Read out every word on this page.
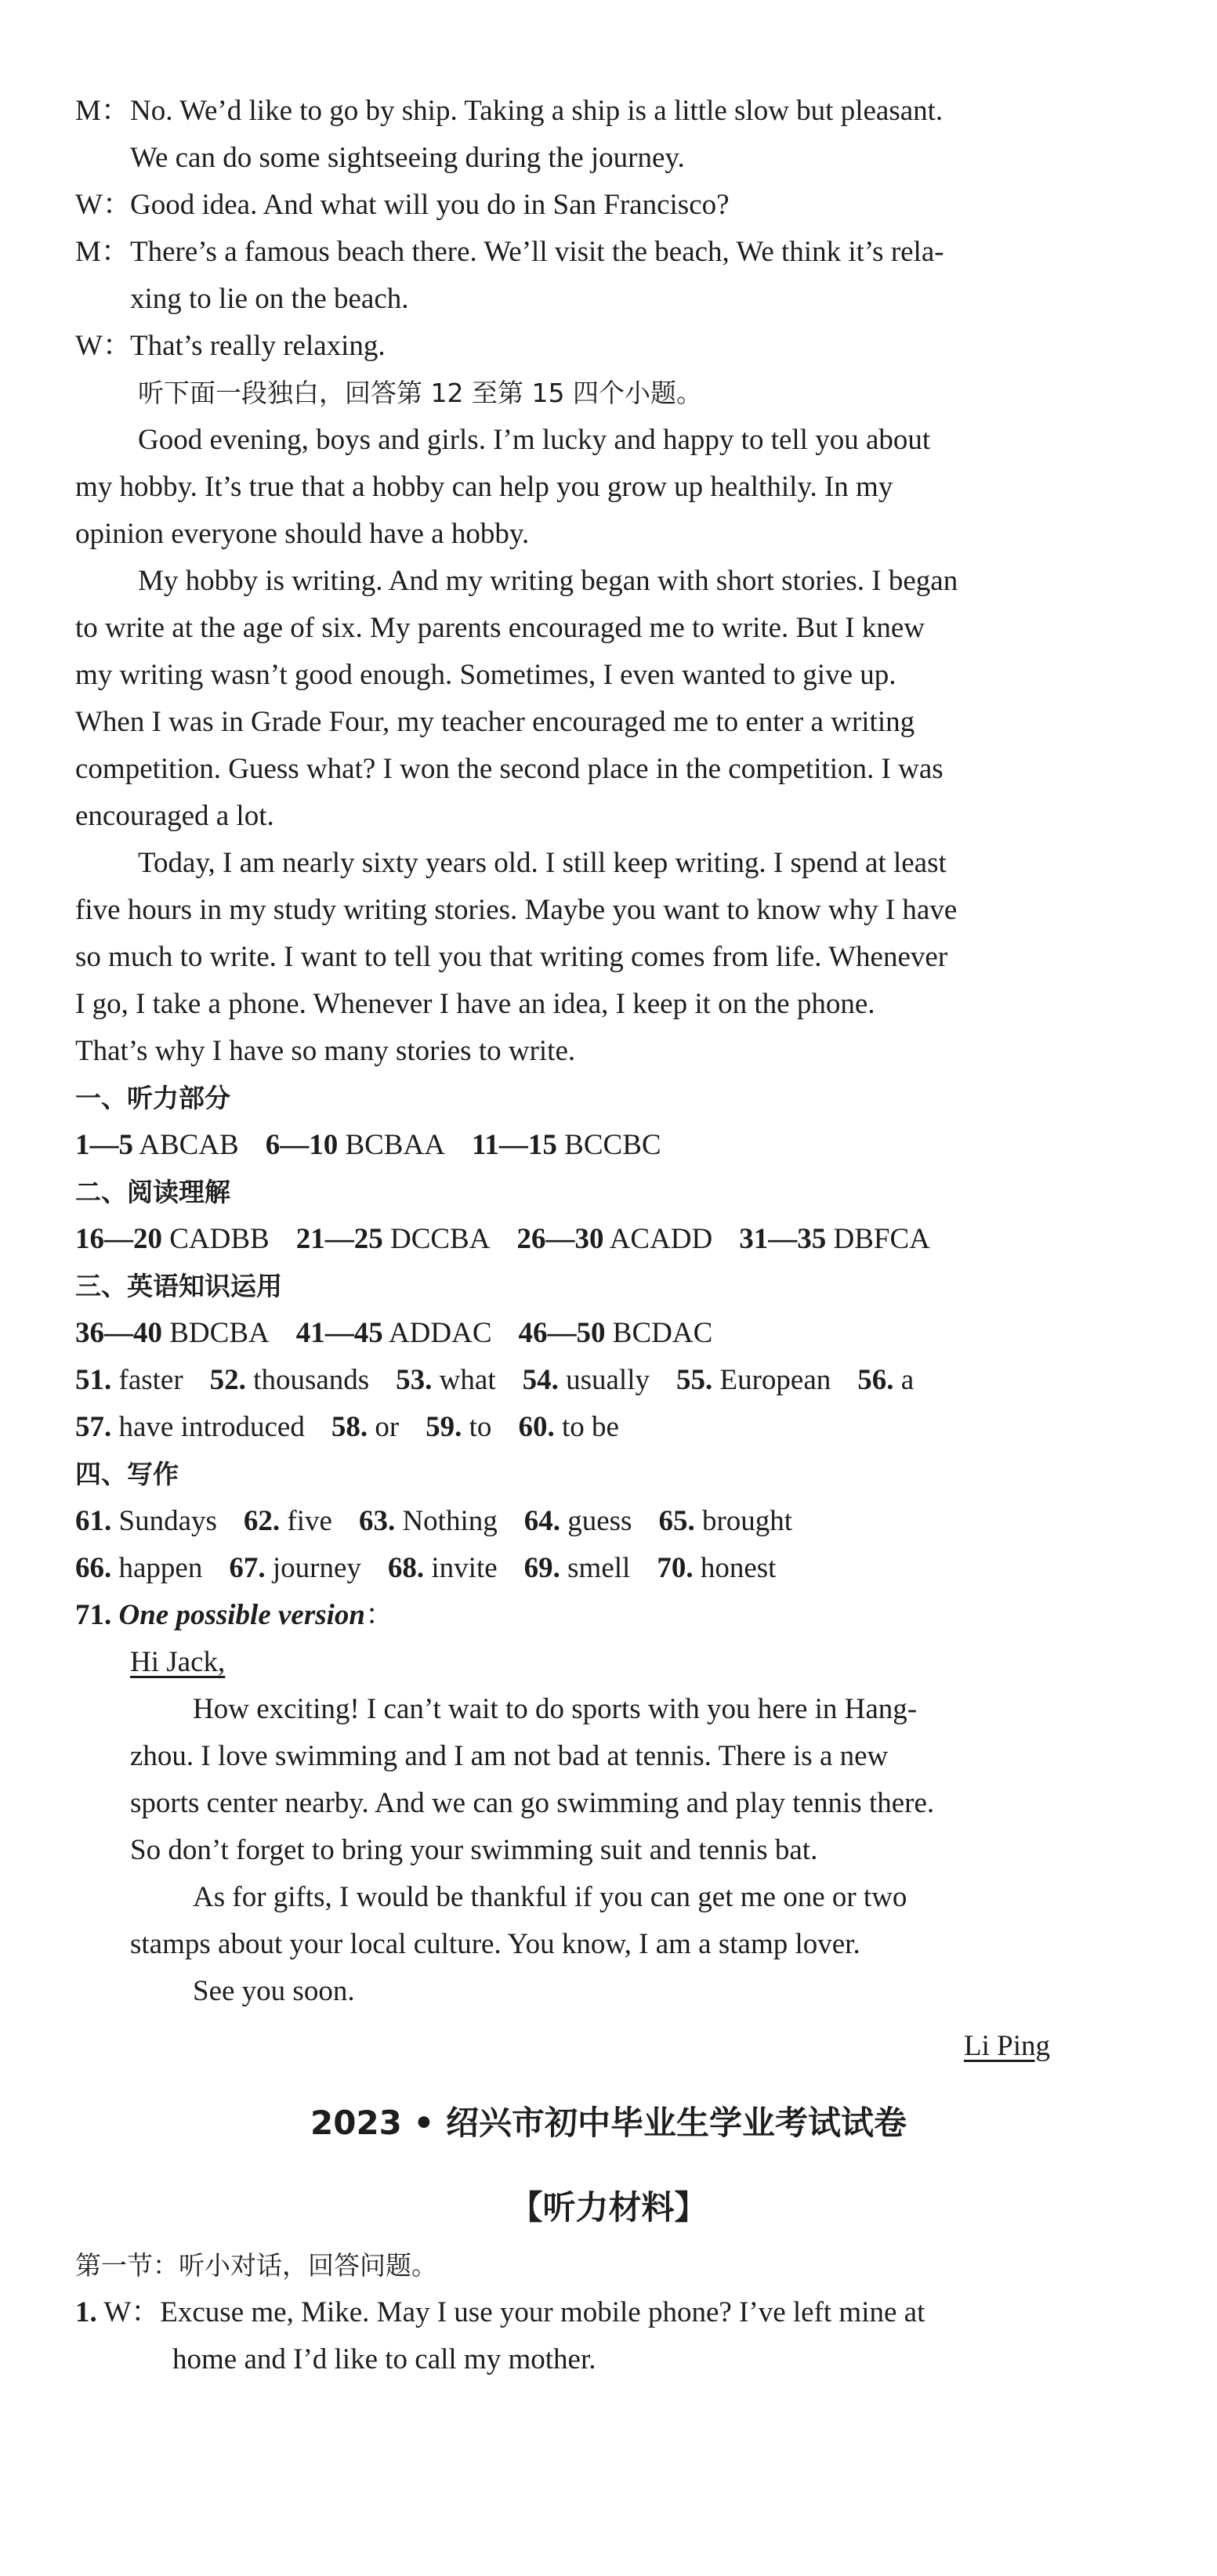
M：No. We’d like to go by ship. Taking a ship is a little slow but pleasant.
We can do some sightseeing during the journey.
W：Good idea. And what will you do in San Francisco?
M：There’s a famous beach there. We’ll visit the beach, We think it’s rela-
xing to lie on the beach.
W：That’s really relaxing.
听下面一段独白，回答第 12 至第 15 四个小题。
Good evening, boys and girls. I’m lucky and happy to tell you about
my hobby. It’s true that a hobby can help you grow up healthily. In my
opinion everyone should have a hobby.
My hobby is writing. And my writing began with short stories. I began
to write at the age of six. My parents encouraged me to write. But I knew
my writing wasn’t good enough. Sometimes, I even wanted to give up.
When I was in Grade Four, my teacher encouraged me to enter a writing
competition. Guess what? I won the second place in the competition. I was
encouraged a lot.
Today, I am nearly sixty years old. I still keep writing. I spend at least
five hours in my study writing stories. Maybe you want to know why I have
so much to write. I want to tell you that writing comes from life. Whenever
I go, I take a phone. Whenever I have an idea, I keep it on the phone.
That’s why I have so many stories to write.
一、听力部分
1—5 ABCAB 6—10 BCBAA 11—15 BCCBC
二、阅读理解
16—20 CADBB 21—25 DCCBA 26—30 ACADD 31—35 DBFCA
三、英语知识运用
36—40 BDCBA 41—45 ADDAC 46—50 BCDAC
51. faster 52. thousands 53. what 54. usually 55. European 56. a
57. have introduced 58. or 59. to 60. to be
四、写作
61. Sundays 62. five 63. Nothing 64. guess 65. brought
66. happen 67. journey 68. invite 69. smell 70. honest
71. One possible version：
Hi Jack,
How exciting! I can’t wait to do sports with you here in Hang-
zhou. I love swimming and I am not bad at tennis. There is a new
sports center nearby. And we can go swimming and play tennis there.
So don’t forget to bring your swimming suit and tennis bat.
As for gifts, I would be thankful if you can get me one or two
stamps about your local culture. You know, I am a stamp lover.
See you soon.
Li Ping
2023 • 绍兴市初中毕业生学业考试试卷
【听力材料】
第一节：听小对话，回答问题。
1. W：Excuse me, Mike. May I use your mobile phone? I’ve left mine at
home and I’d like to call my mother.
